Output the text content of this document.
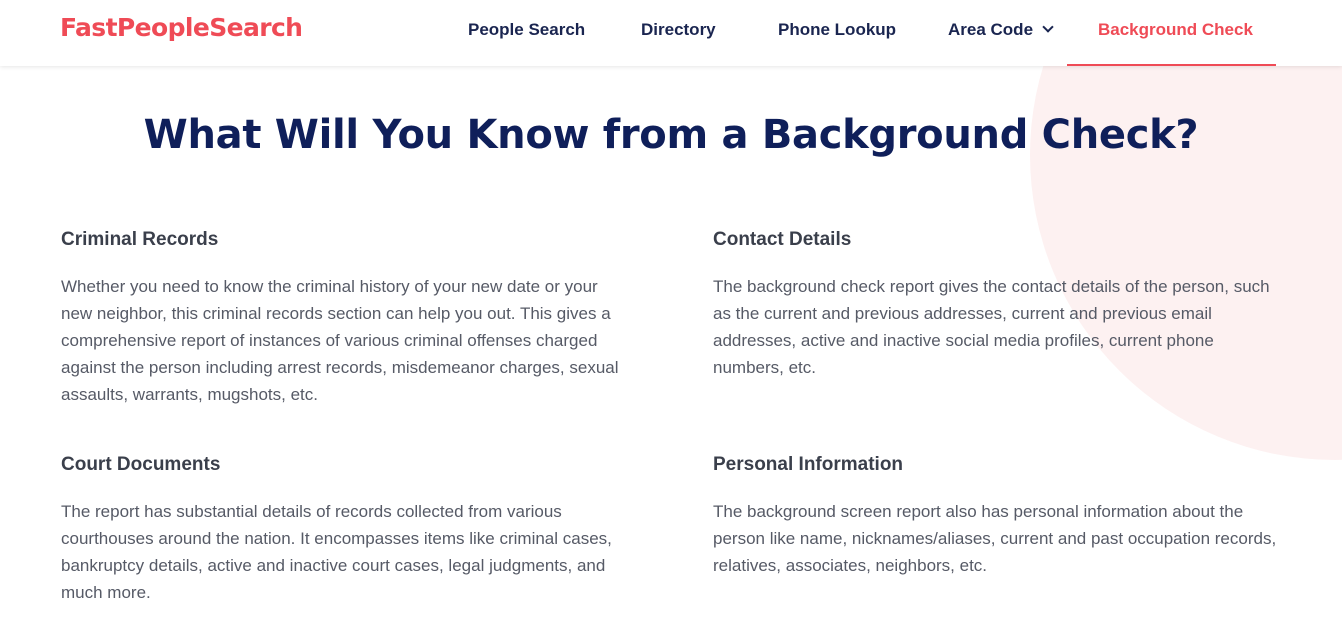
FastPeopleSearch	People Search	Directory	Phone Lookup	Area Code	Background Check
What Will You Know from a Background Check?
Criminal Records

Whether you need to know the criminal history of your new date or your new neighbor, this criminal records section can help you out. This gives a comprehensive report of instances of various criminal offenses charged against the person including arrest records, misdemeanor charges, sexual assaults, warrants, mugshots, etc.

Contact Details

The background check report gives the contact details of the person, such as the current and previous addresses, current and previous email addresses, active and inactive social media profiles, current phone numbers, etc.

Court Documents

The report has substantial details of records collected from various courthouses around the nation. It encompasses items like criminal cases, bankruptcy details, active and inactive court cases, legal judgments, and much more.

Personal Information

The background screen report also has personal information about the person like name, nicknames/aliases, current and past occupation records, relatives, associates, neighbors, etc.
